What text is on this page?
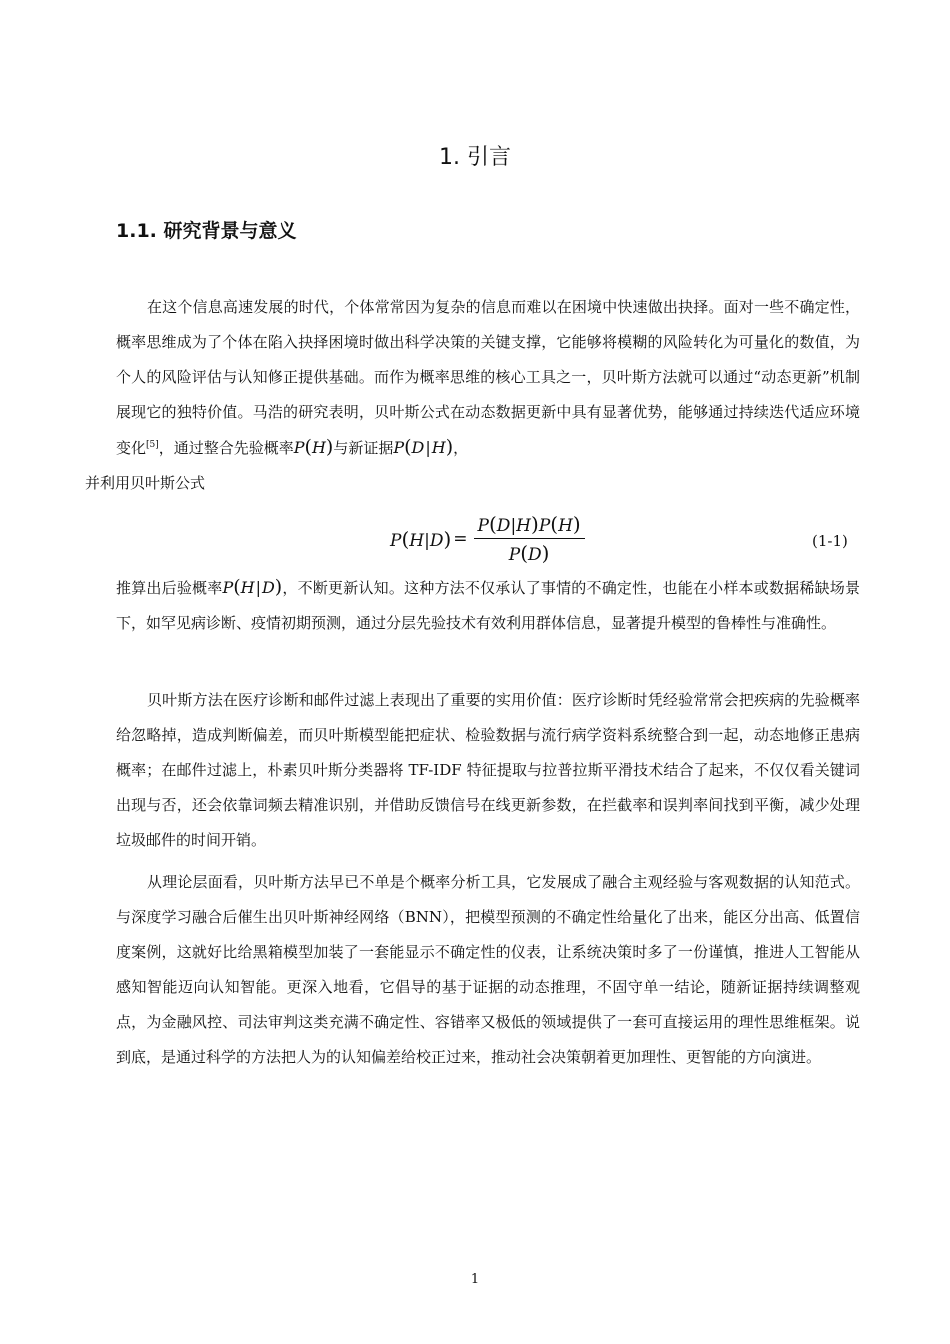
1. 引言
1.1. 研究背景与意义

在这个信息高速发展的时代，个体常常因为复杂的信息而难以在困境中快速做出抉择。面对一些不确定性，概率思维成为了个体在陷入抉择困境时做出科学决策的关键支撑，它能够将模糊的风险转化为可量化的数值，为个人的风险评估与认知修正提供基础。而作为概率思维的核心工具之一，贝叶斯方法就可以通过“动态更新”机制展现它的独特价值。马浩的研究表明，贝叶斯公式在动态数据更新中具有显著优势，能够通过持续迭代适应环境变化[5]，通过整合先验概率P(H)与新证据P(D|H)，
并利用贝叶斯公式

$P(H|D) = \frac{P(D|H)P(H)}{P(D)}$	(1-1)

推算出后验概率P(H|D)，不断更新认知。这种方法不仅承认了事情的不确定性，也能在小样本或数据稀缺场景下，如罕见病诊断、疫情初期预测，通过分层先验技术有效利用群体信息，显著提升模型的鲁棒性与准确性。

贝叶斯方法在医疗诊断和邮件过滤上表现出了重要的实用价值：医疗诊断时凭经验常常会把疾病的先验概率给忽略掉，造成判断偏差，而贝叶斯模型能把症状、检验数据与流行病学资料系统整合到一起，动态地修正患病概率；在邮件过滤上，朴素贝叶斯分类器将 TF-IDF 特征提取与拉普拉斯平滑技术结合了起来，不仅仅看关键词出现与否，还会依靠词频去精准识别，并借助反馈信号在线更新参数，在拦截率和误判率间找到平衡，减少处理垃圾邮件的时间开销。

从理论层面看，贝叶斯方法早已不单是个概率分析工具，它发展成了融合主观经验与客观数据的认知范式。与深度学习融合后催生出贝叶斯神经网络（BNN），把模型预测的不确定性给量化了出来，能区分出高、低置信度案例，这就好比给黑箱模型加装了一套能显示不确定性的仪表，让系统决策时多了一份谨慎，推进人工智能从感知智能迈向认知智能。更深入地看，它倡导的基于证据的动态推理，不固守单一结论，随新证据持续调整观点，为金融风控、司法审判这类充满不确定性、容错率又极低的领域提供了一套可直接运用的理性思维框架。说到底，是通过科学的方法把人为的认知偏差给校正过来，推动社会决策朝着更加理性、更智能的方向演进。

1
